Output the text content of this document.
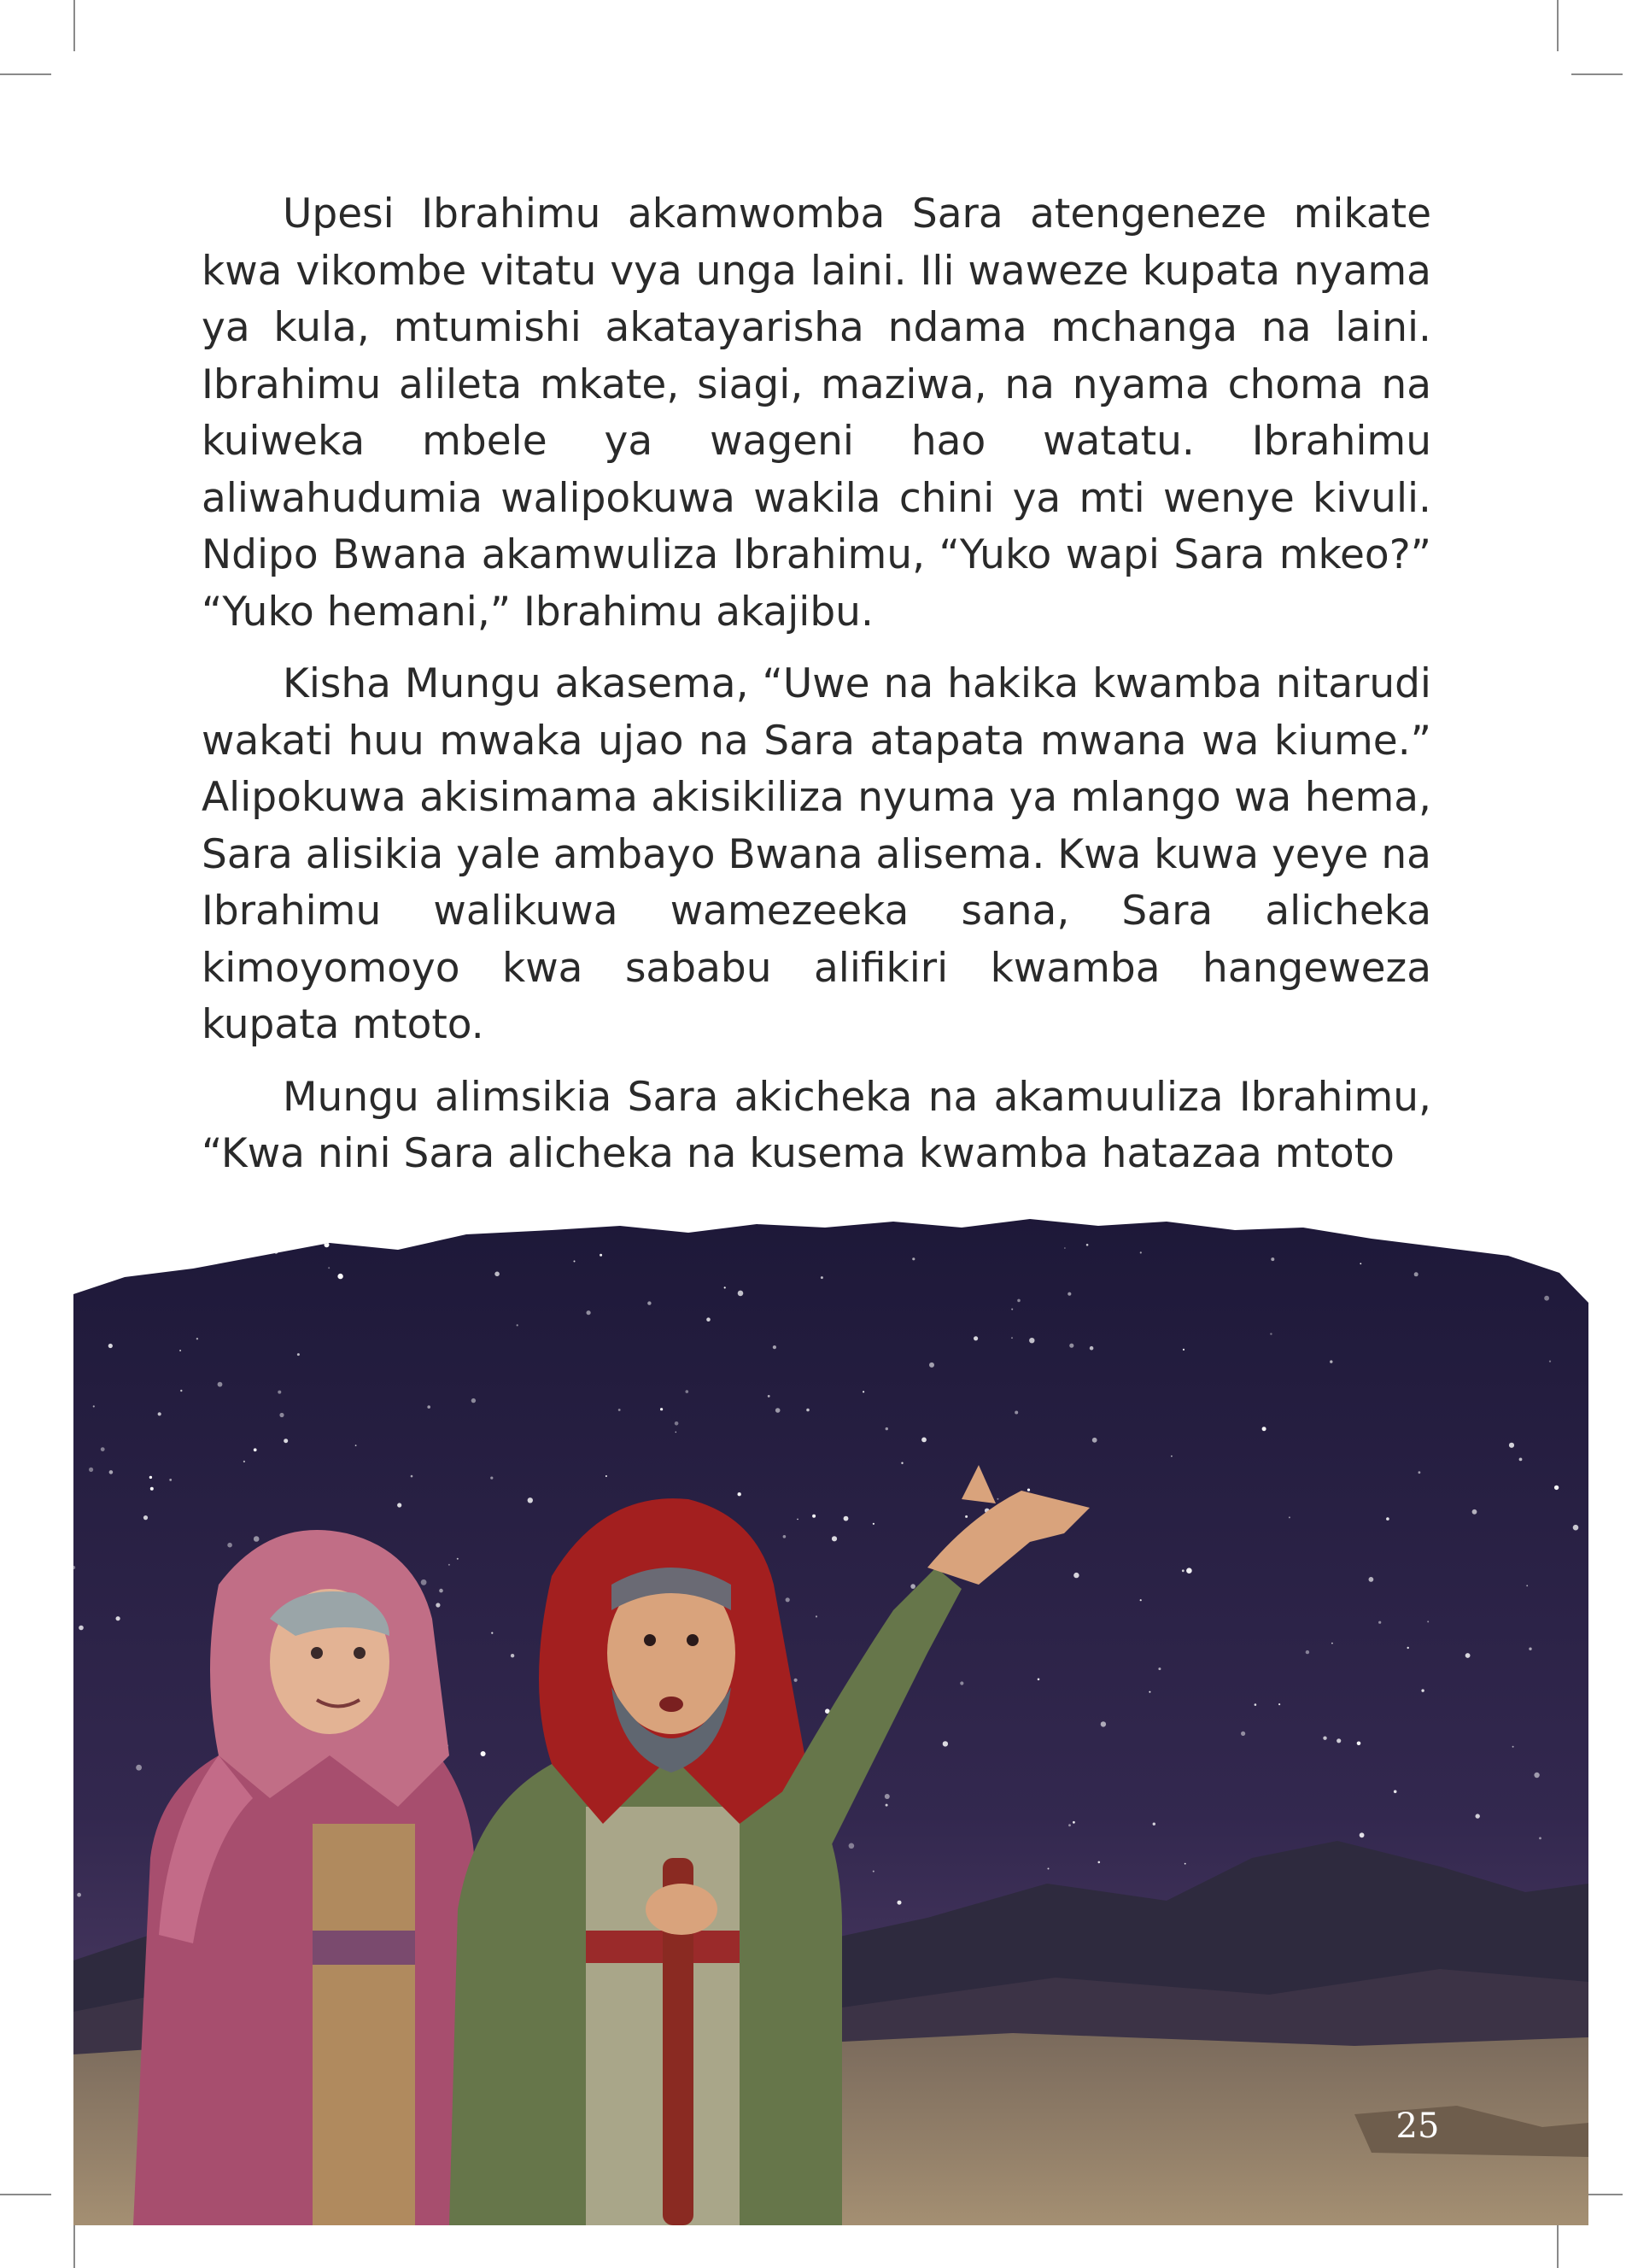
Upesi Ibrahimu akamwomba Sara atengeneze mikate kwa vikombe vitatu vya unga laini. Ili waweze kupata nyama ya kula, mtumishi akatayarisha ndama mchanga na laini. Ibrahimu alileta mkate, siagi, maziwa, na nyama choma na kuiweka mbele ya wageni hao watatu. Ibrahimu aliwahudumia walipokuwa wakila chini ya mti wenye kivuli. Ndipo Bwana akamwuliza Ibrahimu, “Yuko wapi Sara mkeo?” “Yuko hemani,” Ibrahimu akajibu.

Kisha Mungu akasema, “Uwe na hakika kwamba nitarudi wakati huu mwaka ujao na Sara atapata mwana wa kiume.” Alipokuwa akisimama akisikiliza nyuma ya mlango wa hema, Sara alisikia yale ambayo Bwana alisema. Kwa kuwa yeye na Ibrahimu walikuwa wamezeeka sana, Sara alicheka kimoyomoyo kwa sababu alifikiri kwamba hangeweza kupata mtoto.

Mungu alimsikia Sara akicheka na akamuuliza Ibrahimu, “Kwa nini Sara alicheka na kusema kwamba hatazaa mtoto

25
